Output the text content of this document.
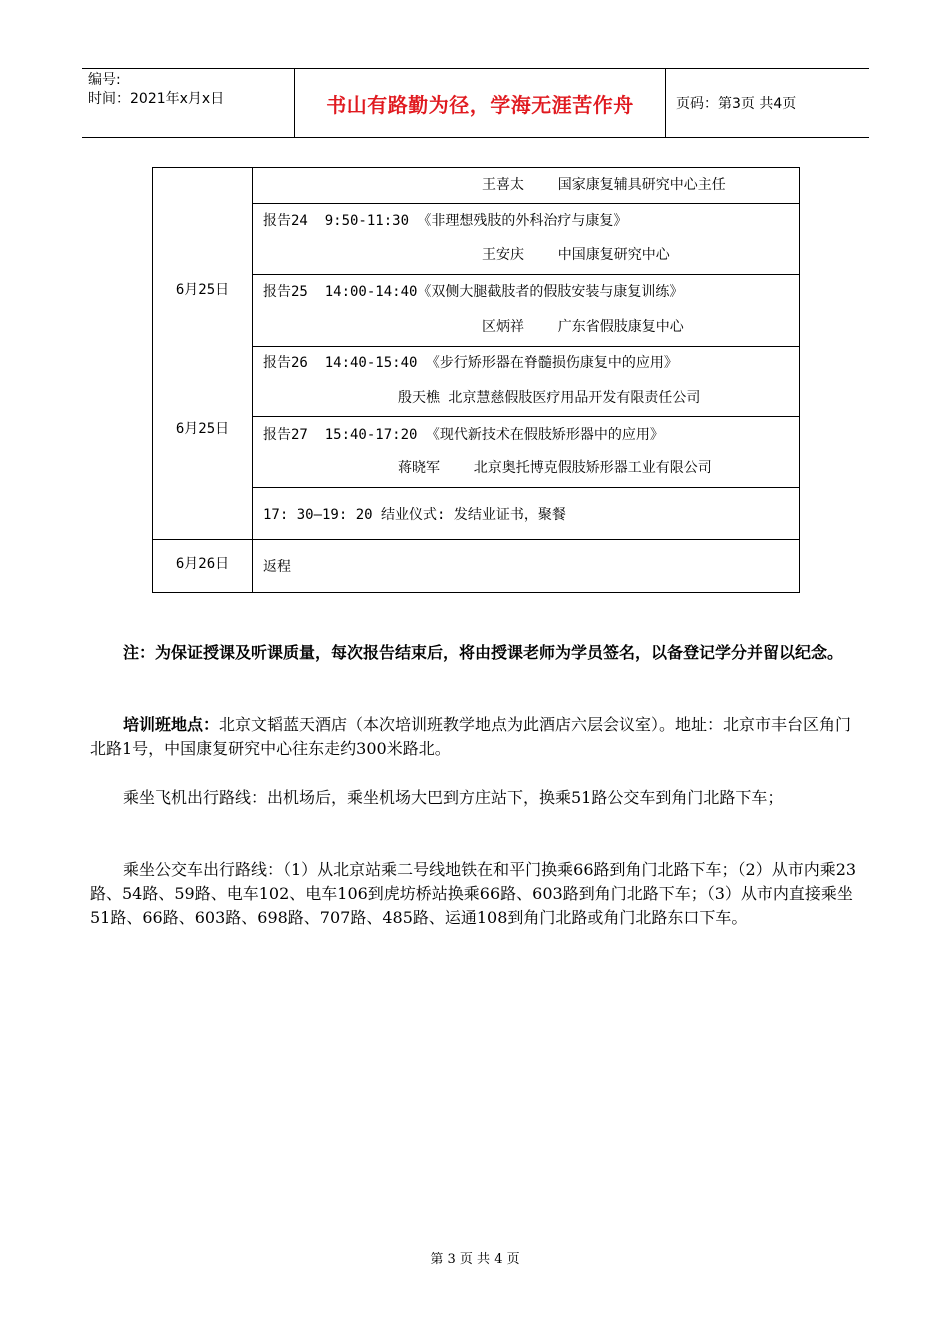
编号:
时间：2021年x月x日	书山有路勤为径，学海无涯苦作舟	页码：第3页 共4页
6月25日
6月25日
6月26日
王喜太    国家康复辅具研究中心主任
报告24  9:50-11:30 《非理想残肢的外科治疗与康复》
王安庆    中国康复研究中心
报告25  14:00-14:40《双侧大腿截肢者的假肢安装与康复训练》
区炳祥    广东省假肢康复中心
报告26  14:40-15:40 《步行矫形器在脊髓损伤康复中的应用》
殷天樵 北京慧慈假肢医疗用品开发有限责任公司
报告27  15:40-17:20 《现代新技术在假肢矫形器中的应用》
蒋晓军    北京奥托博克假肢矫形器工业有限公司
17: 30—19: 20 结业仪式: 发结业证书，聚餐
返程
注：为保证授课及听课质量，每次报告结束后，将由授课老师为学员签名，以备登记学分并留以纪念。
培训班地点：北京文韬蓝天酒店（本次培训班教学地点为此酒店六层会议室）。地址：北京市丰台区角门北路1号，中国康复研究中心往东走约300米路北。
乘坐飞机出行路线：出机场后，乘坐机场大巴到方庄站下，换乘51路公交车到角门北路下车；
乘坐公交车出行路线：（1）从北京站乘二号线地铁在和平门换乘66路到角门北路下车；（2）从市内乘23路、54路、59路、电车102、电车106到虎坊桥站换乘66路、603路到角门北路下车；（3）从市内直接乘坐51路、66路、603路、698路、707路、485路、运通108到角门北路或角门北路东口下车。
第 3 页 共 4 页
